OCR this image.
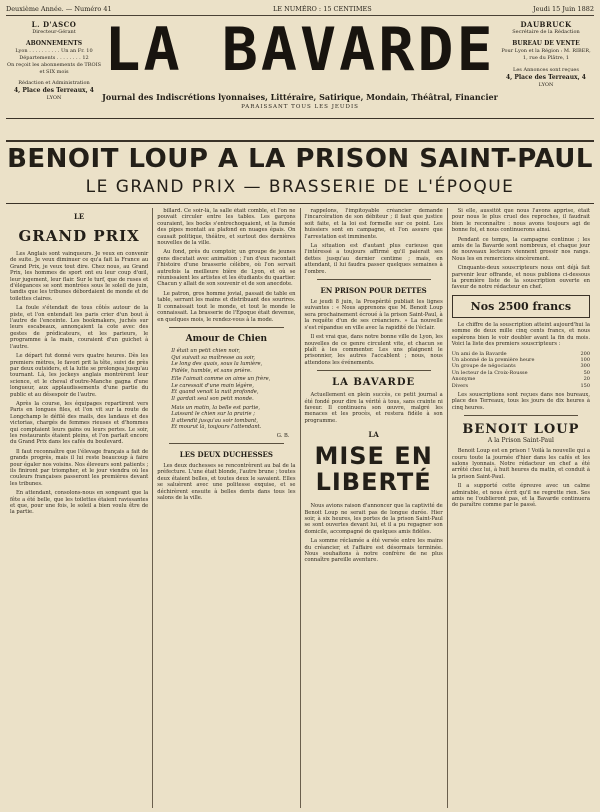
Deuxième Année. — Numéro 41	LE NUMÉRO : 15 CENTIMES	Jeudi 15 Juin 1882
L. D'ASCO
Directeur-Gérant
ABONNEMENTS
Lyon . . . . . . . . . . Un an Fr. 10
Départements . . . . . . . . 12
On reçoit les abonnements de TROIS et SIX mois
Rédaction et Administration
4, Place des Terreaux, 4
LYON
LA BAVARDE
Journal des Indiscrétions lyonnaises, Littéraire, Satirique, Mondain, Théâtral, Financier
PARAISSANT TOUS LES JEUDIS
DAUBRUCK
Secrétaire de la Rédaction
BUREAU DE VENTE
Pour Lyon et la Région : M. RIBER,
1, rue du Plâtre, 1
Les Annonces sont reçues
4, Place des Terreaux, 4
LYON
BENOIT LOUP A LA PRISON SAINT-PAUL
LE GRAND PRIX — BRASSERIE DE L'ÉPOQUE
LE
GRAND PRIX

Les Anglais sont vainqueurs. Je veux en convenir de suite. Je veux diminuer ce qu'a fait la France au Grand Prix, je veux tout dire. Chez nous, au Grand Prix, les hommes de sport ont eu leur coup d'œil, leur jugement, leur flair. Sur le turf, que de ruses et d'élégances se sont montrées sous le soleil de juin, tandis que les tribunes débordaient de monde et de toilettes claires.

La foule s'étendait de tous côtés autour de la piste, et l'on entendait les paris crier d'un bout à l'autre de l'enceinte. Les bookmakers, juchés sur leurs escabeaux, annonçaient la cote avec des gestes de prédicateurs, et les parieurs, le programme à la main, couraient d'un guichet à l'autre.

Le départ fut donné vers quatre heures. Dès les premiers mètres, le favori prit la tête, suivi de près par deux outsiders, et la lutte se prolongea jusqu'au tournant. Là, les jockeys anglais montrèrent leur science, et le cheval d'outre-Manche gagna d'une longueur, aux applaudissements d'une partie du public et au désespoir de l'autre.

Après la course, les équipages repartirent vers Paris en longues files, et l'on vit sur la route de Longchamp le défilé des mails, des landaus et des victorias, chargés de femmes rieuses et d'hommes qui comptaient leurs gains ou leurs pertes. Le soir, les restaurants étaient pleins, et l'on parlait encore du Grand Prix dans les cafés du boulevard.

Il faut reconnaître que l'élevage français a fait de grands progrès, mais il lui reste beaucoup à faire pour égaler nos voisins. Nos éleveurs sont patients ; ils finiront par triompher, et le jour viendra où les couleurs françaises passeront les premières devant les tribunes.

En attendant, consolons-nous en songeant que la fête a été belle, que les toilettes étaient ravissantes et que, pour une fois, le soleil a bien voulu être de la partie.

billard. Ce soir-là, la salle était comble, et l'on ne pouvait circuler entre les tables. Les garçons couraient, les bocks s'entrechoquaient, et la fumée des pipes montait au plafond en nuages épais. On causait politique, théâtre, et surtout des dernières nouvelles de la ville.

Au fond, près du comptoir, un groupe de jeunes gens discutait avec animation ; l'un d'eux racontait l'histoire d'une brasserie célèbre, où l'on servait autrefois la meilleure bière de Lyon, et où se réunissaient les artistes et les étudiants du quartier. Chacun y allait de son souvenir et de son anecdote.

Le patron, gros homme jovial, passait de table en table, serrant les mains et distribuant des sourires. Il connaissait tout le monde, et tout le monde le connaissait. La brasserie de l'Époque était devenue, en quelques mois, le rendez-vous à la mode.

Amour de Chien

Il était un petit chien noir,
Qui suivait sa maîtresse au soir,
Le long des quais, sous la lumière,
Fidèle, humble, et sans prière.

Elle l'aimait comme on aime un frère,
Le caressait d'une main légère,
Et quand venait la nuit profonde,
Il gardait seul son petit monde.

Mais un matin, la belle est partie,
Laissant le chien sur la prairie ;
Il attendit jusqu'au soir tombant,
Et mourut là, toujours l'attendant.

G. B.
LES DEUX DUCHESSES

Les deux duchesses se rencontrèrent au bal de la préfecture. L'une était blonde, l'autre brune ; toutes deux étaient belles, et toutes deux le savaient. Elles se saluèrent avec une politesse exquise, et se déchirèrent ensuite à belles dents dans tous les salons de la ville.

rappelons, l'impitoyable créancier demande l'incarcération de son débiteur ; il faut que justice soit faite, et la loi est formelle sur ce point. Les huissiers sont en campagne, et l'on assure que l'arrestation est imminente.

La situation est d'autant plus curieuse que l'intéressé a toujours affirmé qu'il paierait ses dettes jusqu'au dernier centime ; mais, en attendant, il lui faudra passer quelques semaines à l'ombre.

EN PRISON POUR DETTES

Le jeudi 8 juin, la Prospérité publiait les lignes suivantes : « Nous apprenons que M. Benoit Loup sera prochainement écroué à la prison Saint-Paul, à la requête d'un de ses créanciers. » La nouvelle s'est répandue en ville avec la rapidité de l'éclair.

Il est vrai que, dans notre bonne ville de Lyon, les nouvelles de ce genre circulent vite, et chacun se plaît à les commenter. Les uns plaignent le prisonnier, les autres l'accablent ; nous, nous attendons les événements.

LA BAVARDE

Actuellement en plein succès, ce petit journal a été fondé pour dire la vérité à tous, sans crainte ni faveur. Il continuera son œuvre, malgré les menaces et les procès, et restera fidèle à son programme.

LA
MISE EN LIBERTÉ

Nous avions raison d'annoncer que la captivité de Benoit Loup ne serait pas de longue durée. Hier soir, à six heures, les portes de la prison Saint-Paul se sont ouvertes devant lui, et il a pu regagner son domicile, accompagné de quelques amis fidèles.

La somme réclamée a été versée entre les mains du créancier, et l'affaire est désormais terminée. Nous souhaitons à notre confrère de ne plus connaître pareille aventure.

Si elle, aussitôt que nous l'avons apprise, était pour nous le plus cruel des reproches, il faudrait bien le reconnaître : nous avons toujours agi de bonne foi, et nous continuerons ainsi.

Pendant ce temps, la campagne continue ; les amis de la Bavarde sont nombreux, et chaque jour de nouveaux lecteurs viennent grossir nos rangs. Nous les en remercions sincèrement.

Cinquante-deux souscripteurs nous ont déjà fait parvenir leur offrande, et nous publions ci-dessous la première liste de la souscription ouverte en faveur de notre rédacteur en chef.

Nos 2500 francs

Le chiffre de la souscription atteint aujourd'hui la somme de deux mille cinq cents francs, et nous espérons bien le voir doubler avant la fin du mois. Voici la liste des premiers souscripteurs :

Un ami de la Bavarde	200
Un abonné de la première heure	100
Un groupe de négociants	300
Un lecteur de la Croix-Rousse	50
Anonyme	20
Divers	150

Les souscriptions sont reçues dans nos bureaux, place des Terreaux, tous les jours de dix heures à cinq heures.

BENOIT LOUP
A la Prison Saint-Paul

Benoit Loup est en prison ! Voilà la nouvelle qui a couru toute la journée d'hier dans les cafés et les salons lyonnais. Notre rédacteur en chef a été arrêté chez lui, à huit heures du matin, et conduit à la prison Saint-Paul.

Il a supporté cette épreuve avec un calme admirable, et nous écrit qu'il ne regrette rien. Ses amis ne l'oublieront pas, et la Bavarde continuera de paraître comme par le passé.
